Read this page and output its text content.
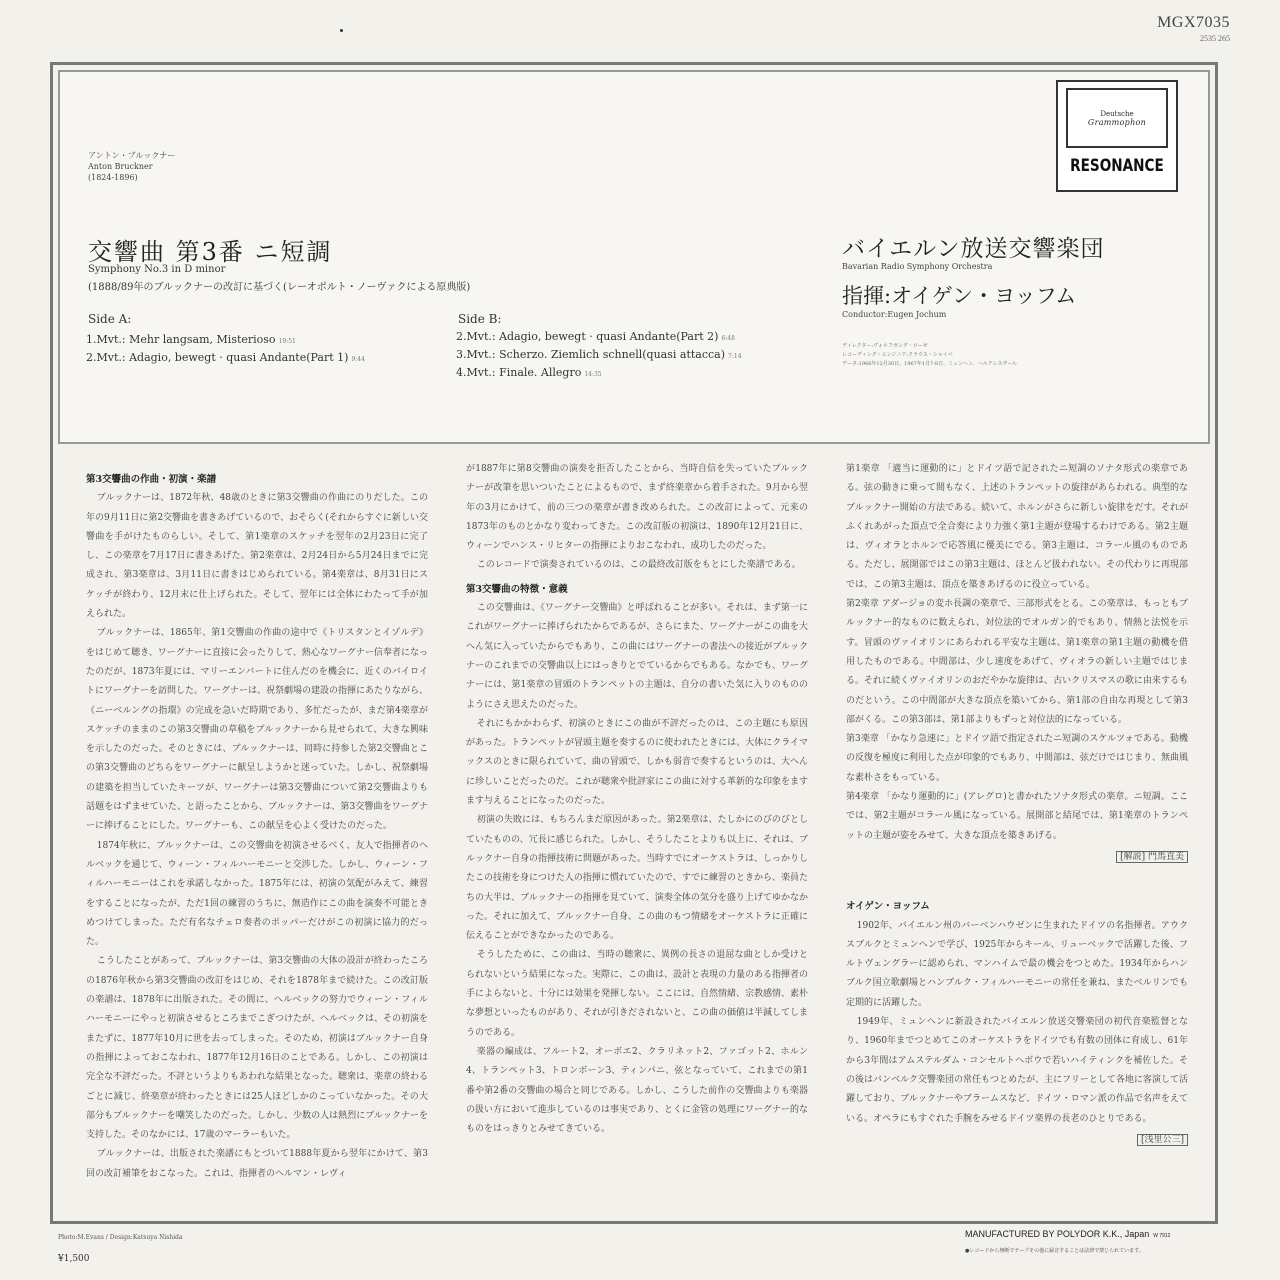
MGX7035
2535 265
アントン・ブルックナー
Anton Bruckner
(1824-1896)
交響曲 第3番 ニ短調
Symphony No.3 in D minor
(1888/89年のブルックナーの改訂に基づく(レーオポルト・ノーヴァクによる原典版)
Side A:
1.Mvt.: Mehr langsam, Misterioso 19:51
2.Mvt.: Adagio, bewegt · quasi Andante(Part 1) 9:44
Side B:
2.Mvt.: Adagio, bewegt · quasi Andante(Part 2) 6:48
3.Mvt.: Scherzo. Ziemlich schnell(quasi attacca) 7:14
4.Mvt.: Finale. Allegro 14:35
バイエルン放送交響楽団
Bavarian Radio Symphony Orchestra
指揮:オイゲン・ヨッフム
Conductor:Eugen Jochum
ディレクター:ヴォルフガング・ローゼ
レコーディング・エンジニア:クラウス・シャイベ
データ:1966年12月30日、1967年1月7-8日、ミュンヘン、ヘルクレスザール
Deutsche
Grammophon
RESONANCE
第3交響曲の作曲・初演・楽譜

ブルックナーは、1872年秋、48歳のときに第3交響曲の作曲にのりだした。この年の9月11日に第2交響曲を書きあげているので、おそらく(それからすぐに新しい交響曲を手がけたものらしい。そして、第1楽章のスケッチを翌年の2月23日に完了し、この楽章を7月17日に書きあげた。第2楽章は、2月24日から5月24日までに完成され、第3楽章は、3月11日に書きはじめられている。第4楽章は、8月31日にスケッチが終わり、12月末に仕上げられた。そして、翌年には全体にわたって手が加えられた。

ブルックナーは、1865年、第1交響曲の作曲の途中で《トリスタンとイゾルデ》をはじめて聴き、ワーグナーに直接に会ったりして、熱心なワーグナー信奉者になったのだが、1873年夏には、マリーエンバートに住んだのを機会に、近くのバイロイトにワーグナーを訪問した。ワーグナーは、祝祭劇場の建設の指揮にあたりながら、《ニーベルングの指環》の完成を急いだ時期であり、多忙だったが、まだ第4楽章がスケッチのままのこの第3交響曲の草稿をブルックナーから見せられて、大きな興味を示したのだった。そのときには、ブルックナーは、同時に持参した第2交響曲とこの第3交響曲のどちらをワーグナーに献呈しようかと迷っていた。しかし、祝祭劇場の建築を担当していたキーツが、ワーグナーは第3交響曲について第2交響曲よりも話題をはずませていた、と語ったことから、ブルックナーは、第3交響曲をワーグナーに捧げることにした。ワーグナーも、この献呈を心よく受けたのだった。

1874年秋に、ブルックナーは、この交響曲を初演させるべく、友人で指揮者のヘルベックを通じて、ウィーン・フィルハーモニーと交渉した。しかし、ウィーン・フィルハーモニーはこれを承諾しなかった。1875年には、初演の気配がみえて、練習をすることになったが、ただ1回の練習のうちに、無造作にこの曲を演奏不可能ときめつけてしまった。ただ有名なチェロ奏者のポッパーだけがこの初演に協力的だった。

こうしたことがあって、ブルックナーは、第3交響曲の大体の設計が終わったころの1876年秋から第3交響曲の改訂をはじめ、それを1878年まで続けた。この改訂版の楽譜は、1878年に出版された。その間に、ヘルベックの努力でウィーン・フィルハーモニーにやっと初演させるところまでこぎつけたが、ヘルベックは、その初演をまたずに、1877年10月に世を去ってしまった。そのため、初演はブルックナー自身の指揮によっておこなわれ、1877年12月16日のことである。しかし、この初演は完全な不評だった。不評というよりもあわれな結果となった。聴衆は、楽章の終わるごとに減じ、終楽章が終わったときには25人ほどしかのこっていなかった。その大部分もブルックナーを嘲笑したのだった。しかし、少数の人は熱烈にブルックナーを支持した。そのなかには、17歳のマーラーもいた。

ブルックナーは、出版された楽譜にもとづいて1888年夏から翌年にかけて、第3回の改訂補筆をおこなった。これは、指揮者のヘルマン・レヴィ

が1887年に第8交響曲の演奏を拒否したことから、当時自信を失っていたブルックナーが改筆を思いついたことによるもので、まず終楽章から着手された。9月から翌年の3月にかけて、前の三つの楽章が書き改められた。この改訂によって、元来の1873年のものとかなり変わってきた。この改訂版の初演は、1890年12月21日に、ウィーンでハンス・リヒターの指揮によりおこなわれ、成功したのだった。

このレコードで演奏されているのは、この最終改訂版をもとにした楽譜である。

第3交響曲の特徴・意義

この交響曲は、《ワーグナー交響曲》と呼ばれることが多い。それは、まず第一にこれがワーグナーに捧げられたからであるが、さらにまた、ワーグナーがこの曲を大へん気に入っていたからでもあり、この曲にはワーグナーの書法への接近がブルックナーのこれまでの交響曲以上にはっきりとでているからでもある。なかでも、ワーグナーには、第1楽章の冒頭のトランペットの主題は、自分の書いた気に入りのもののようにさえ思えたのだった。

それにもかかわらず、初演のときにこの曲が不評だったのは、この主題にも原因があった。トランペットが冒頭主題を奏するのに使われたときには、大体にクライマックスのときに限られていて、曲の冒頭で、しかも弱音で奏するというのは、大へんに珍しいことだったのだ。これが聴衆や批評家にこの曲に対する革新的な印象をますます与えることになったのだった。

初演の失敗には、もちろんまだ原因があった。第2楽章は、たしかにのびのびとしていたものの、冗長に感じられた。しかし、そうしたことよりも以上に、それは、ブルックナー自身の指揮技術に問題があった。当時すでにオーケストラは、しっかりしたこの技術を身につけた人の指揮に慣れていたので、すでに練習のときから、楽員たちの大半は、ブルックナーの指揮を見ていて、演奏全体の気分を盛り上げてゆかなかった。それに加えて、ブルックナー自身、この曲のもつ情緒をオーケストラに正確に伝えることができなかったのである。

そうしたために、この曲は、当時の聴衆に、異例の長さの退屈な曲としか受けとられないという結果になった。実際に、この曲は、設計と表現の力量のある指揮者の手によらないと、十分には効果を発揮しない。ここには、自然情緒、宗教感情、素朴な夢想といったものがあり、それが引きだされないと、この曲の価値は半減してしまうのである。

楽器の編成は、フルート2、オーボエ2、クラリネット2、ファゴット2、ホルン4、トランペット3、トロンボーン3、ティンパニ、弦となっていて、これまでの第1番や第2番の交響曲の場合と同じである。しかし、こうした前作の交響曲よりも楽器の扱い方において進歩しているのは事実であり、とくに金管の処理にワーグナー的なものをはっきりとみせてきている。

第1楽章 「適当に運動的に」とドイツ語で記されたニ短調のソナタ形式の楽章である。弦の動きに乗って間もなく、上述のトランペットの旋律があらわれる。典型的なブルックナー開始の方法である。続いて、ホルンがさらに新しい旋律をだす。それがふくれあがった頂点で全合奏により力強く第1主題が登場するわけである。第2主題は、ヴィオラとホルンで応答風に優美にでる。第3主題は、コラール風のものである。ただし、展開部ではこの第3主題は、ほとんど扱われない。その代わりに再現部では、この第3主題は、頂点を築きあげるのに役立っている。

第2楽章 アダージョの変ホ長調の楽章で、三部形式をとる。この楽章は、もっともブルックナー的なものに数えられ、対位法的でオルガン的でもあり、情熱と法悦を示す。冒頭のヴァイオリンにあらわれる平安な主題は、第1楽章の第1主題の動機を借用したものである。中間部は、少し速度をあげて、ヴィオラの新しい主題ではじまる。それに続くヴァイオリンのおだやかな旋律は、古いクリスマスの歌に由来するものだという。この中間部が大きな頂点を築いてから、第1部の自由な再現として第3部がくる。この第3部は、第1部よりもずっと対位法的になっている。

第3楽章 「かなり急速に」とドイツ語で指定されたニ短調のスケルツォである。動機の反復を極度に利用した点が印象的でもあり、中間部は、弦だけではじまり、無曲風な素朴さをもっている。

第4楽章 「かなり運動的に」(アレグロ)と書かれたソナタ形式の楽章。ニ短調。ここでは、第2主題がコラール風になっている。展開部と結尾では、第1楽章のトランペットの主題が姿をみせて、大きな頂点を築きあげる。

[解説] 門馬直美
オイゲン・ヨッフム

1902年、バイエルン州のバーベンハウゼンに生まれたドイツの名指揮者。アウクスブルクとミュンヘンで学び、1925年からキール、リューベックで活躍した後、フルトヴェングラーに認められ、マンハイムで最の機会をつとめた。1934年からハンブルク国立歌劇場とハンブルク・フィルハーモニーの常任を兼ね、またベルリンでも定期的に活躍した。

1949年、ミュンヘンに新設されたバイエルン放送交響楽団の初代音楽監督となり、1960年までつとめてこのオーケストラをドイツでも有数の団体に育成し、61年から3年間はアムステルダム・コンセルトヘボウで若いハイティンクを補佐した。その後はバンベルク交響楽団の常任もつとめたが、主にフリーとして各地に客演して活躍しており、ブルックナーやブラームスなど、ドイツ・ロマン派の作品で名声をえている。オペラにもすぐれた手腕をみせるドイツ楽界の長老のひとりである。

[浅里公三]
Photo:M.Evans / Design:Katsuya Nishida
¥1,500
MANUFACTURED BY POLYDOR K.K., Japan W 7912
●レコードから無断でテープその他に録音することは法律で禁じられています。
